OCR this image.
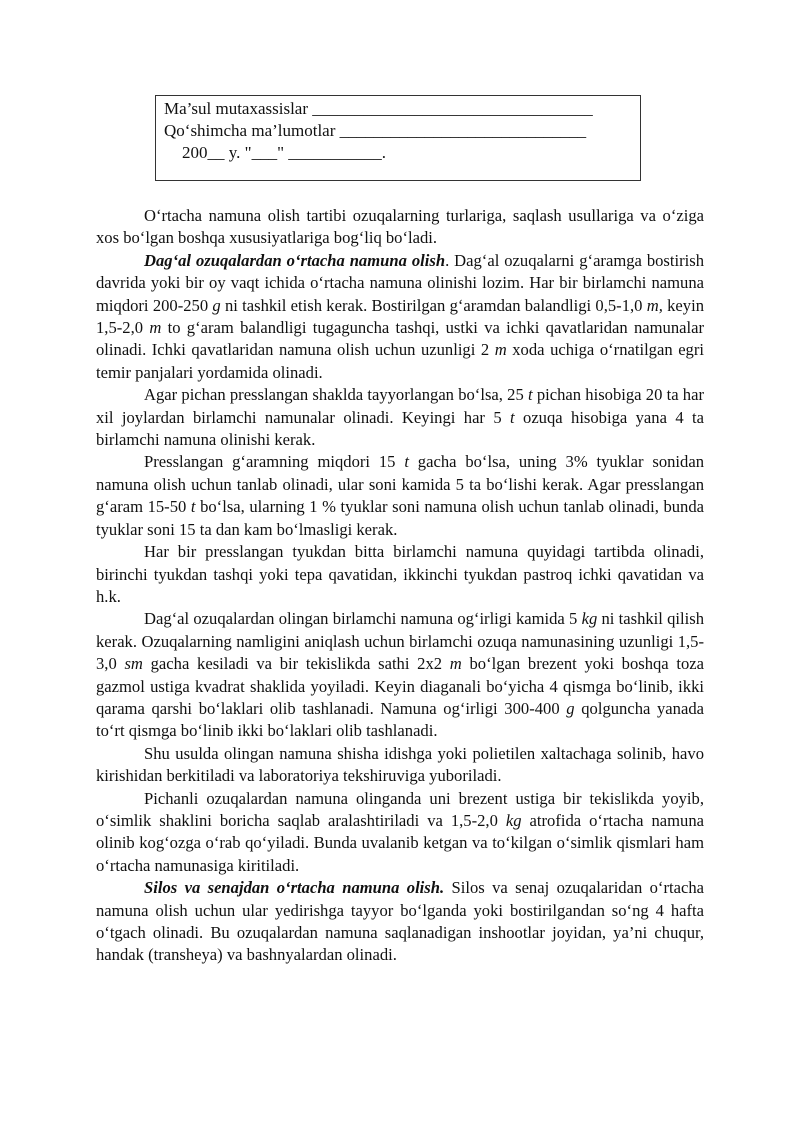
Ma’sul mutaxassislar _________________________________
Qo‘shimcha ma’lumotlar _____________________________
200__ y. "___" ___________.

O‘rtacha namuna olish tartibi ozuqalarning turlariga, saqlash usullariga va o‘ziga xos bo‘lgan boshqa xususiyatlariga bog‘liq bo‘ladi.

Dag‘al ozuqalardan o‘rtacha namuna olish. Dag‘al ozuqalarni g‘aramga bostirish davrida yoki bir oy vaqt ichida o‘rtacha namuna olinishi lozim. Har bir birlamchi namuna miqdori 200-250 g ni tashkil etish kerak. Bostirilgan g‘aramdan balandligi 0,5-1,0 m, keyin 1,5-2,0 m to g‘aram balandligi tugaguncha tashqi, ustki va ichki qavatlaridan namunalar olinadi. Ichki qavatlaridan namuna olish uchun uzunligi 2 m xoda uchiga o‘rnatilgan egri temir panjalari yordamida olinadi.

Agar pichan presslangan shaklda tayyorlangan bo‘lsa, 25 t pichan hisobiga 20 ta har xil joylardan birlamchi namunalar olinadi. Keyingi har 5 t ozuqa hisobiga yana 4 ta birlamchi namuna olinishi kerak.

Presslangan g‘aramning miqdori 15 t gacha bo‘lsa, uning 3% tyuklar sonidan namuna olish uchun tanlab olinadi, ular soni kamida 5 ta bo‘lishi kerak. Agar presslangan g‘aram 15-50 t bo‘lsa, ularning 1 % tyuklar soni namuna olish uchun tanlab olinadi, bunda tyuklar soni 15 ta dan kam bo‘lmasligi kerak.

Har bir presslangan tyukdan bitta birlamchi namuna quyidagi tartibda olinadi, birinchi tyukdan tashqi yoki tepa qavatidan, ikkinchi tyukdan pastroq ichki qavatidan va h.k.

Dag‘al ozuqalardan olingan birlamchi namuna og‘irligi kamida 5 kg ni tashkil qilish kerak. Ozuqalarning namligini aniqlash uchun birlamchi ozuqa namunasining uzunligi 1,5-3,0 sm gacha kesiladi va bir tekislikda sathi 2x2 m bo‘lgan brezent yoki boshqa toza gazmol ustiga kvadrat shaklida yoyiladi. Keyin diaganali bo‘yicha 4 qismga bo‘linib, ikki qarama qarshi bo‘laklari olib tashlanadi. Namuna og‘irligi 300-400 g qolguncha yanada to‘rt qismga bo‘linib ikki bo‘laklari olib tashlanadi.

Shu usulda olingan namuna shisha idishga yoki polietilen xaltachaga solinib, havo kirishidan berkitiladi va laboratoriya tekshiruviga yuboriladi.

Pichanli ozuqalardan namuna olinganda uni brezent ustiga bir tekislikda yoyib, o‘simlik shaklini boricha saqlab aralashtiriladi va 1,5-2,0 kg atrofida o‘rtacha namuna olinib kog‘ozga o‘rab qo‘yiladi. Bunda uvalanib ketgan va to‘kilgan o‘simlik qismlari ham o‘rtacha namunasiga kiritiladi.

Silos va senajdan o‘rtacha namuna olish. Silos va senaj ozuqalaridan o‘rtacha namuna olish uchun ular yedirishga tayyor bo‘lganda yoki bostirilgandan so‘ng 4 hafta o‘tgach olinadi. Bu ozuqalardan namuna saqlanadigan inshootlar joyidan, ya’ni chuqur, handak (transheya) va bashnyalardan olinadi.
